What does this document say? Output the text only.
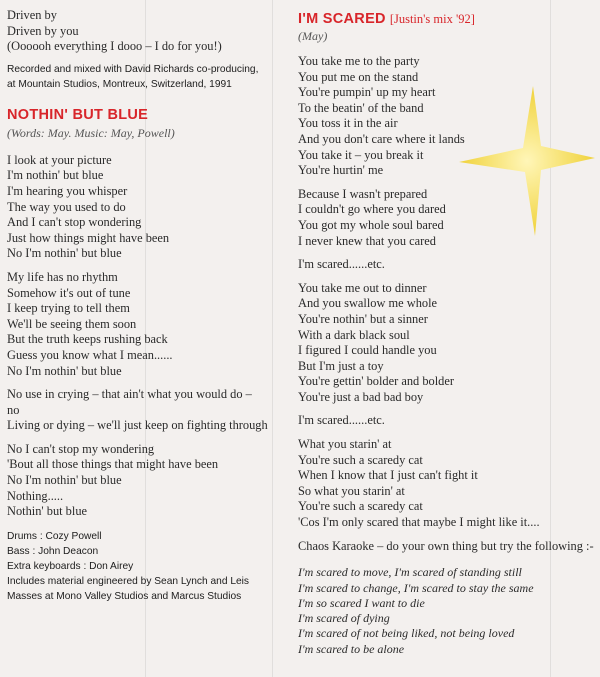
Driven by
Driven by you
(Oooooh everything I dooo – I do for you!)
Recorded and mixed with David Richards co-producing,
at Mountain Studios, Montreux, Switzerland, 1991
NOTHIN' BUT BLUE
(Words: May. Music: May, Powell)
I look at your picture
I'm nothin' but blue
I'm hearing you whisper
The way you used to do
And I can't stop wondering
Just how things might have been
No I'm nothin' but blue
My life has no rhythm
Somehow it's out of tune
I keep trying to tell them
We'll be seeing them soon
But the truth keeps rushing back
Guess you know what I mean......
No I'm nothin' but blue
No use in crying – that ain't what you would do –
no
Living or dying – we'll just keep on fighting through
No I can't stop my wondering
'Bout all those things that might have been
No I'm nothin' but blue
Nothing.....
Nothin' but blue
Drums : Cozy Powell
Bass : John Deacon
Extra keyboards : Don Airey
Includes material engineered by Sean Lynch and Leis
Masses at Mono Valley Studios and Marcus Studios
I'M SCARED [Justin's mix '92]
(May)
You take me to the party
You put me on the stand
You're pumpin' up my heart
To the beatin' of the band
You toss it in the air
And you don't care where it lands
You take it – you break it
You're hurtin' me
Because I wasn't prepared
I couldn't go where you dared
You got my whole soul bared
I never knew that you cared
I'm scared......etc.
You take me out to dinner
And you swallow me whole
You're nothin' but a sinner
With a dark black soul
I figured I could handle you
But I'm just a toy
You're gettin' bolder and bolder
You're just a bad bad boy
I'm scared......etc.
What you starin' at
You're such a scaredy cat
When I know that I just can't fight it
So what you starin' at
You're such a scaredy cat
'Cos I'm only scared that maybe I might like it....
Chaos Karaoke – do your own thing but try the following :-
I'm scared to move, I'm scared of standing still
I'm scared to change, I'm scared to stay the same
I'm so scared I want to die
I'm scared of dying
I'm scared of not being liked, not being loved
I'm scared to be alone
